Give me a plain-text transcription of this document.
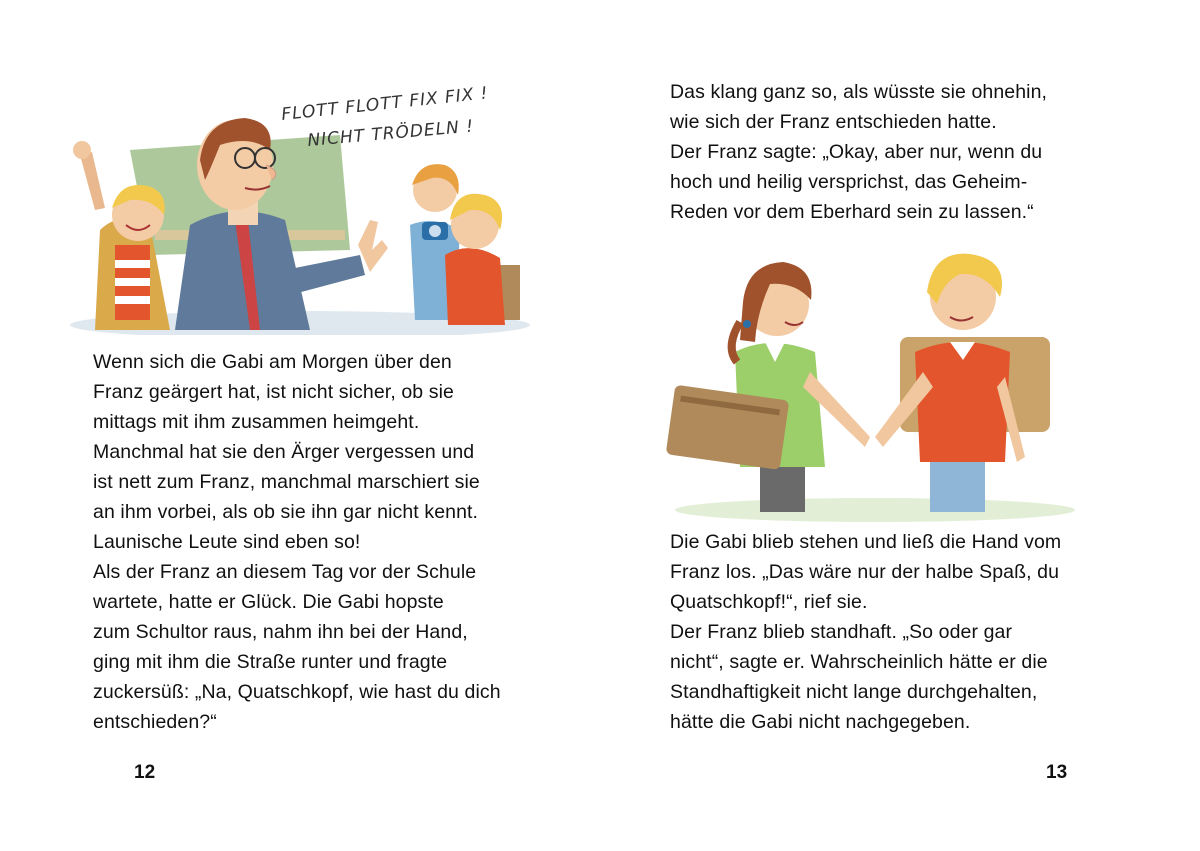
FLOTT FLOTT FIX FIX !
NICHT TRÖDELN !
Wenn sich die Gabi am Morgen über den
Franz geärgert hat, ist nicht sicher, ob sie
mittags mit ihm zusammen heimgeht.
Manchmal hat sie den Ärger vergessen und
ist nett zum Franz, manchmal marschiert sie
an ihm vorbei, als ob sie ihn gar nicht kennt.
Launische Leute sind eben so!
Als der Franz an diesem Tag vor der Schule
wartete, hatte er Glück. Die Gabi hopste
zum Schultor raus, nahm ihn bei der Hand,
ging mit ihm die Straße runter und fragte
zuckersüß: „Na, Quatschkopf, wie hast du dich
entschieden?“
12
Das klang ganz so, als wüsste sie ohnehin,
wie sich der Franz entschieden hatte.
Der Franz sagte: „Okay, aber nur, wenn du
hoch und heilig versprichst, das Geheim-
Reden vor dem Eberhard sein zu lassen.“
Die Gabi blieb stehen und ließ die Hand vom
Franz los. „Das wäre nur der halbe Spaß, du
Quatschkopf!“, rief sie.
Der Franz blieb standhaft. „So oder gar
nicht“, sagte er. Wahrscheinlich hätte er die
Standhaftigkeit nicht lange durchgehalten,
hätte die Gabi nicht nachgegeben.
13
